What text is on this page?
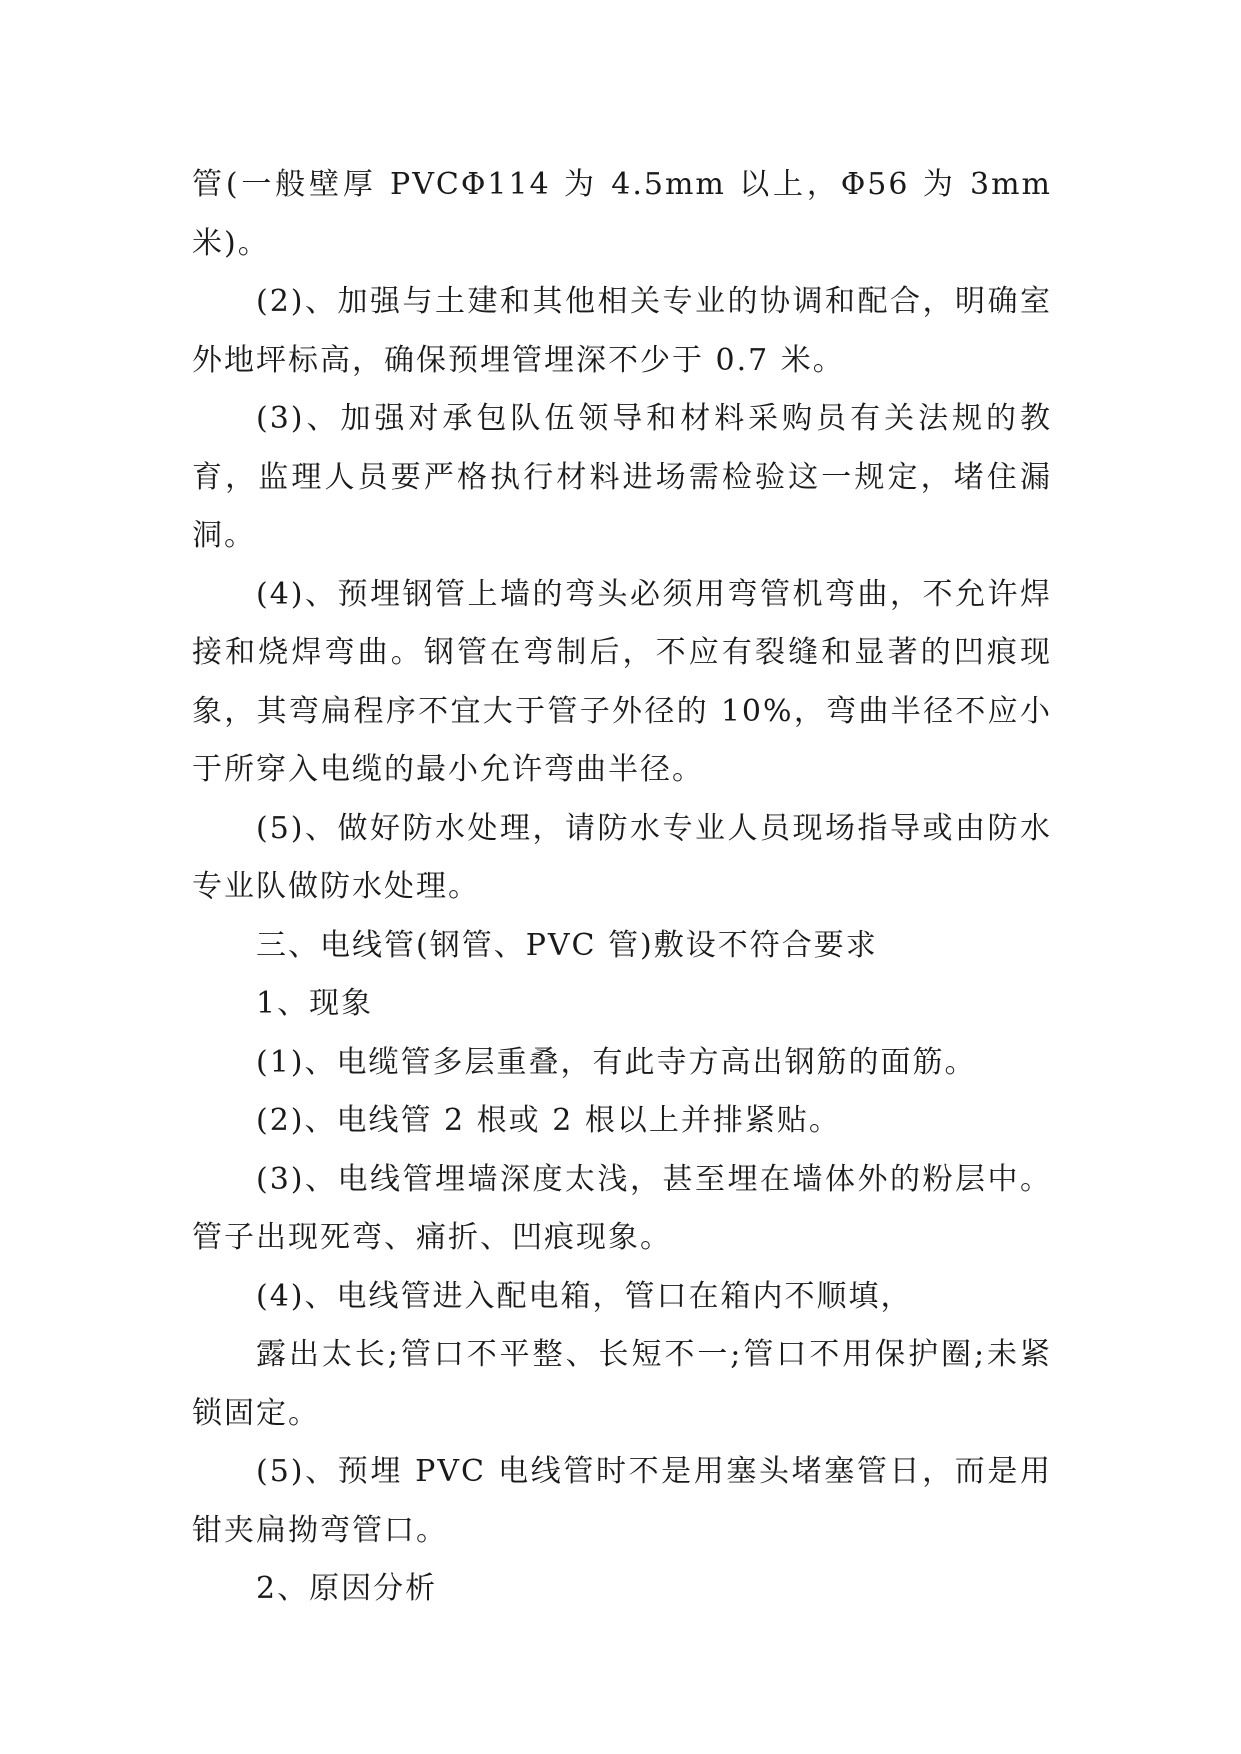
管(一般壁厚 PVCΦ114 为 4.5mm 以上，Φ56 为 3mm 米)。

(2)、加强与土建和其他相关专业的协调和配合，明确室外地坪标高，确保预埋管埋深不少于 0.7 米。

(3)、加强对承包队伍领导和材料采购员有关法规的教育，监理人员要严格执行材料进场需检验这一规定，堵住漏洞。

(4)、预埋钢管上墙的弯头必须用弯管机弯曲，不允许焊接和烧焊弯曲。钢管在弯制后，不应有裂缝和显著的凹痕现象，其弯扁程序不宜大于管子外径的 10%，弯曲半径不应小于所穿入电缆的最小允许弯曲半径。

(5)、做好防水处理，请防水专业人员现场指导或由防水专业队做防水处理。

三、电线管(钢管、PVC 管)敷设不符合要求

1、现象

(1)、电缆管多层重叠，有此寺方高出钢筋的面筋。

(2)、电线管 2 根或 2 根以上并排紧贴。

(3)、电线管埋墙深度太浅，甚至埋在墙体外的粉层中。管子出现死弯、痛折、凹痕现象。

(4)、电线管进入配电箱，管口在箱内不顺填，

露出太长;管口不平整、长短不一;管口不用保护圈;未紧锁固定。

(5)、预埋 PVC 电线管时不是用塞头堵塞管日，而是用钳夹扁拗弯管口。

2、原因分析
